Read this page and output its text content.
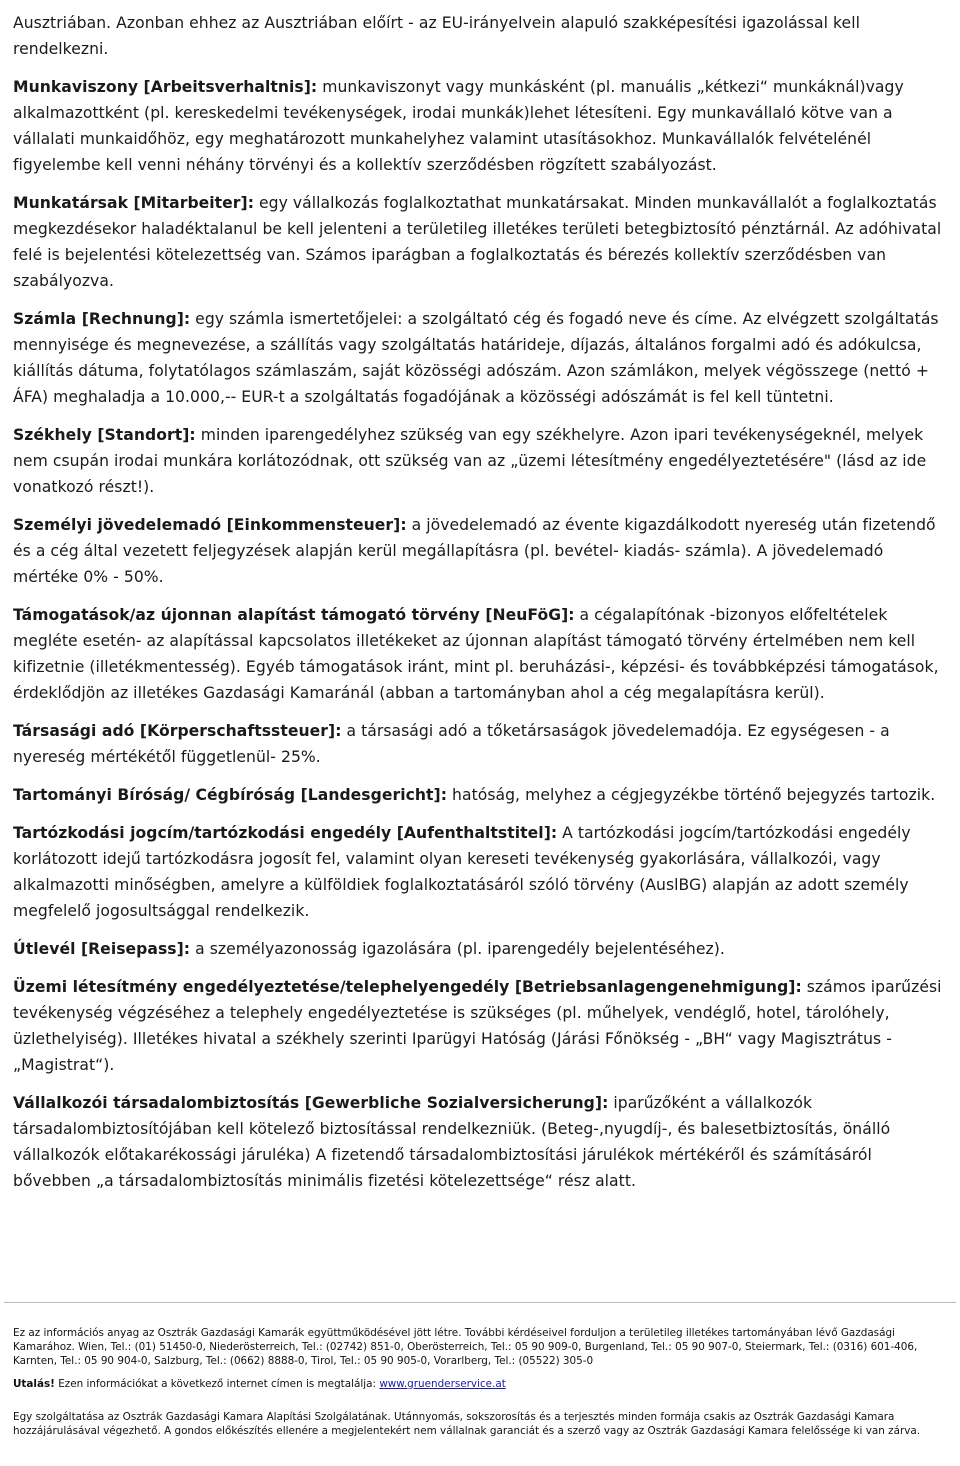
Ausztriában. Azonban ehhez az Ausztriában előírt - az EU-irányelvein alapuló szakképesítési igazolással kell rendelkezni.

Munkaviszony [Arbeitsverhaltnis]: munkaviszonyt vagy munkásként (pl. manuális „kétkezi“ munkáknál)vagy alkalmazottként (pl. kereskedelmi tevékenységek, irodai munkák)lehet létesíteni. Egy munkavállaló kötve van a vállalati munkaidőhöz, egy meghatározott munkahelyhez valamint utasításokhoz. Munkavállalók felvételénél figyelembe kell venni néhány törvényi és a kollektív szerződésben rögzített szabályozást.

Munkatársak [Mitarbeiter]: egy vállalkozás foglalkoztathat munkatársakat. Minden munkavállalót a foglalkoztatás megkezdésekor haladéktalanul be kell jelenteni a területileg illetékes területi betegbiztosító pénztárnál. Az adóhivatal felé is bejelentési kötelezettség van. Számos iparágban a foglalkoztatás és bérezés kollektív szerződésben van szabályozva.

Számla [Rechnung]: egy számla ismertetőjelei: a szolgáltató cég és fogadó neve és címe. Az elvégzett szolgáltatás mennyisége és megnevezése, a szállítás vagy szolgáltatás határideje, díjazás, általános forgalmi adó és adókulcsa, kiállítás dátuma, folytatólagos számlaszám, saját közösségi adószám. Azon számlákon, melyek végösszege (nettó + ÁFA) meghaladja a 10.000,-- EUR-t a szolgáltatás fogadójának a közösségi adószámát is fel kell tüntetni.

Székhely [Standort]: minden iparengedélyhez szükség van egy székhelyre. Azon ipari tevékenységeknél, melyek nem csupán irodai munkára korlátozódnak, ott szükség van az „üzemi létesítmény engedélyeztetésére" (lásd az ide vonatkozó részt!).

Személyi jövedelemadó [Einkommensteuer]: a jövedelemadó az évente kigazdálkodott nyereség után fizetendő és a cég által vezetett feljegyzések alapján kerül megállapításra (pl. bevétel- kiadás- számla). A jövedelemadó mértéke 0% - 50%.

Támogatások/az újonnan alapítást támogató törvény [NeuFöG]: a cégalapítónak -bizonyos előfeltételek megléte esetén- az alapítással kapcsolatos illetékeket az újonnan alapítást támogató törvény értelmében nem kell kifizetnie (illetékmentesség). Egyéb támogatások iránt, mint pl. beruházási-, képzési- és továbbképzési támogatások, érdeklődjön az illetékes Gazdasági Kamaránál (abban a tartományban ahol a cég megalapításra kerül).

Társasági adó [Körperschaftssteuer]: a társasági adó a tőketársaságok jövedelemadója. Ez egységesen - a nyereség mértékétől függetlenül- 25%.

Tartományi Bíróság/ Cégbíróság [Landesgericht]: hatóság, melyhez a cégjegyzékbe történő bejegyzés tartozik.

Tartózkodási jogcím/tartózkodási engedély [Aufenthaltstitel]: A tartózkodási jogcím/tartózkodási engedély korlátozott idejű tartózkodásra jogosít fel, valamint olyan kereseti tevékenység gyakorlására, vállalkozói, vagy alkalmazotti minőségben, amelyre a külföldiek foglalkoztatásáról szóló törvény (AuslBG) alapján az adott személy megfelelő jogosultsággal rendelkezik.

Útlevél [Reisepass]: a személyazonosság igazolására (pl. iparengedély bejelentéséhez).

Üzemi létesítmény engedélyeztetése/telephelyengedély [Betriebsanlagengenehmigung]: számos iparűzési tevékenység végzéséhez a telephely engedélyeztetése is szükséges (pl. műhelyek, vendéglő, hotel, tárolóhely, üzlethelyiség). Illetékes hivatal a székhely szerinti Iparügyi Hatóság (Járási Főnökség - „BH“ vagy Magisztrátus - „Magistrat“).

Vállalkozói társadalombiztosítás [Gewerbliche Sozialversicherung]: iparűzőként a vállalkozók társadalombiztosítójában kell kötelező biztosítással rendelkezniük. (Beteg-,nyugdíj-, és balesetbiztosítás, önálló vállalkozók előtakarékossági járuléka) A fizetendő társadalombiztosítási járulékok mértékéről és számításáról bővebben „a társadalombiztosítás minimális fizetési kötelezettsége“ rész alatt.

Ez az információs anyag az Osztrák Gazdasági Kamarák együttműködésével jött létre. További kérdéseivel forduljon a területileg illetékes tartományában lévő Gazdasági Kamarához. Wien, Tel.: (01) 51450-0, Niederösterreich, Tel.: (02742) 851-0, Oberösterreich, Tel.: 05 90 909-0, Burgenland, Tel.: 05 90 907-0, Steiermark, Tel.: (0316) 601-406, Karnten, Tel.: 05 90 904-0, Salzburg, Tel.: (0662) 8888-0, Tirol, Tel.: 05 90 905-0, Vorarlberg, Tel.: (05522) 305-0

Utalás! Ezen információkat a következő internet címen is megtalálja: www.gruenderservice.at

Egy szolgáltatása az Osztrák Gazdasági Kamara Alapítási Szolgálatának. Utánnyomás, sokszorosítás és a terjesztés minden formája csakis az Osztrák Gazdasági Kamara hozzájárulásával végezhető. A gondos előkészítés ellenére a megjelentekért nem vállalnak garanciát és a szerző vagy az Osztrák Gazdasági Kamara felelőssége ki van zárva.
